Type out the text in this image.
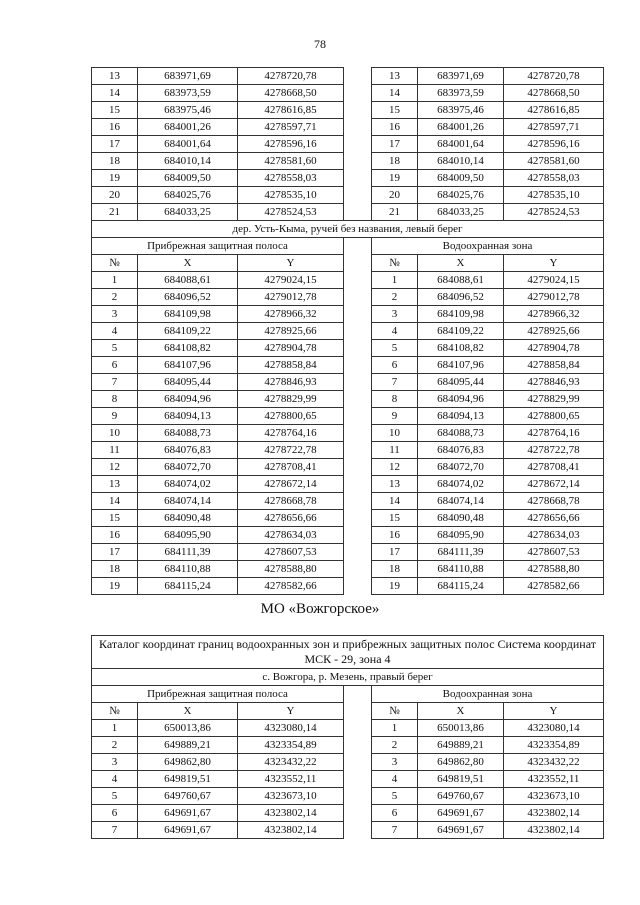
78
13	683971,69	4278720,78		13	683971,69	4278720,78
14	683973,59	4278668,50		14	683973,59	4278668,50
15	683975,46	4278616,85		15	683975,46	4278616,85
16	684001,26	4278597,71		16	684001,26	4278597,71
17	684001,64	4278596,16		17	684001,64	4278596,16
18	684010,14	4278581,60		18	684010,14	4278581,60
19	684009,50	4278558,03		19	684009,50	4278558,03
20	684025,76	4278535,10		20	684025,76	4278535,10
21	684033,25	4278524,53		21	684033,25	4278524,53
дер. Усть-Кыма, ручей без названия, левый берег						
Прибрежная защитная полоса				Водоохранная зона		
№	X	Y		№	X	Y
1	684088,61	4279024,15		1	684088,61	4279024,15
2	684096,52	4279012,78		2	684096,52	4279012,78
3	684109,98	4278966,32		3	684109,98	4278966,32
4	684109,22	4278925,66		4	684109,22	4278925,66
5	684108,82	4278904,78		5	684108,82	4278904,78
6	684107,96	4278858,84		6	684107,96	4278858,84
7	684095,44	4278846,93		7	684095,44	4278846,93
8	684094,96	4278829,99		8	684094,96	4278829,99
9	684094,13	4278800,65		9	684094,13	4278800,65
10	684088,73	4278764,16		10	684088,73	4278764,16
11	684076,83	4278722,78		11	684076,83	4278722,78
12	684072,70	4278708,41		12	684072,70	4278708,41
13	684074,02	4278672,14		13	684074,02	4278672,14
14	684074,14	4278668,78		14	684074,14	4278668,78
15	684090,48	4278656,66		15	684090,48	4278656,66
16	684095,90	4278634,03		16	684095,90	4278634,03
17	684111,39	4278607,53		17	684111,39	4278607,53
18	684110,88	4278588,80		18	684110,88	4278588,80
19	684115,24	4278582,66		19	684115,24	4278582,66
МО «Вожгорское»
Каталог координат границ водоохранных зон и прибрежных защитных полос Система координат МСК - 29, зона 4						
с. Вожгора, р. Мезень, правый берег						
Прибрежная защитная полоса				Водоохранная зона		
№	X	Y		№	X	Y
1	650013,86	4323080,14		1	650013,86	4323080,14
2	649889,21	4323354,89		2	649889,21	4323354,89
3	649862,80	4323432,22		3	649862,80	4323432,22
4	649819,51	4323552,11		4	649819,51	4323552,11
5	649760,67	4323673,10		5	649760,67	4323673,10
6	649691,67	4323802,14		6	649691,67	4323802,14
7	649691,67	4323802,14		7	649691,67	4323802,14
